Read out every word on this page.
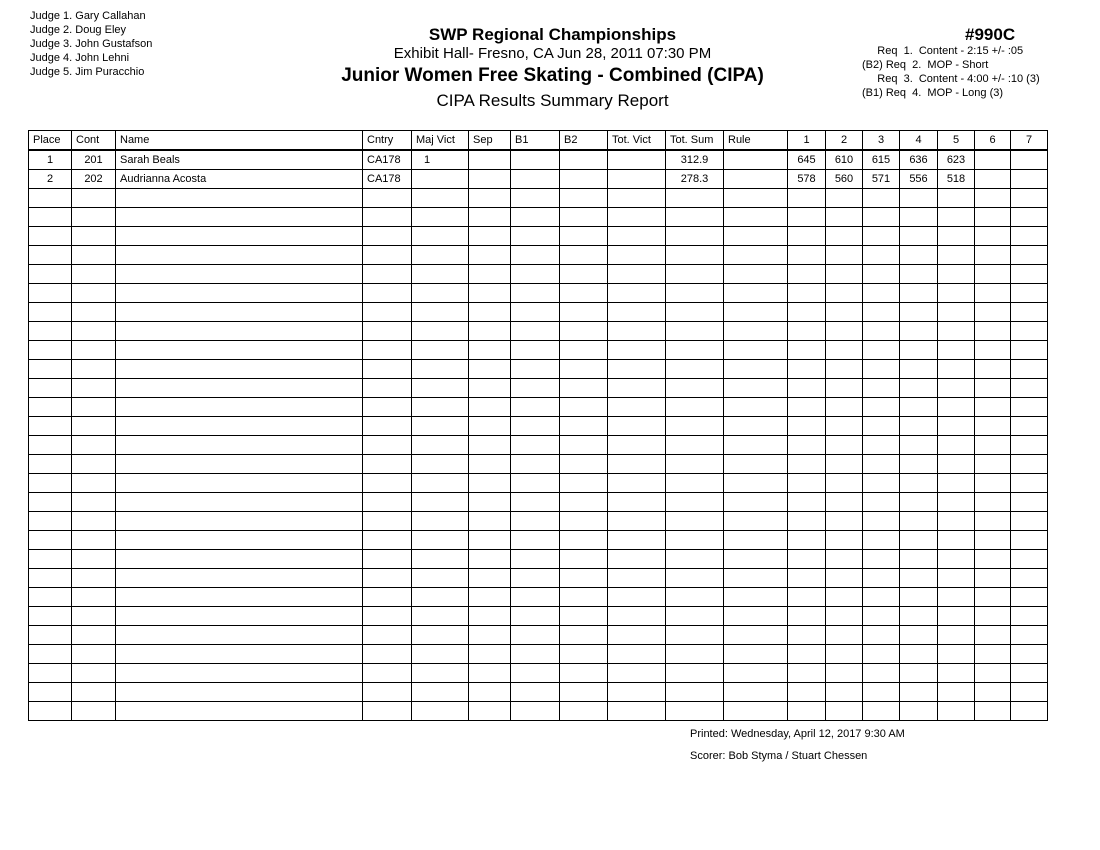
Judge 1. Gary Callahan
Judge 2. Doug Eley
Judge 3. John Gustafson
Judge 4. John Lehni
Judge 5. Jim Puracchio
SWP Regional Championships
Exhibit Hall- Fresno, CA Jun 28, 2011 07:30 PM
Junior Women Free Skating - Combined (CIPA)
CIPA Results Summary Report
#990C
Req  1.  Content - 2:15 +/- :05
(B2) Req  2.  MOP - Short
Req  3.  Content - 4:00 +/- :10 (3)
(B1) Req  4.  MOP - Long (3)
Place	Cont	Name	Cntry	Maj Vict	Sep	B1	B2	Tot. Vict	Tot. Sum	Rule	1	2	3	4	5	6	7
1	201	Sarah Beals	CA178	1					312.9		645	610	615	636	623		
2	202	Audrianna Acosta	CA178						278.3		578	560	571	556	518		

Printed: Wednesday, April 12, 2017 9:30 AM
Scorer: Bob Styma / Stuart Chessen
